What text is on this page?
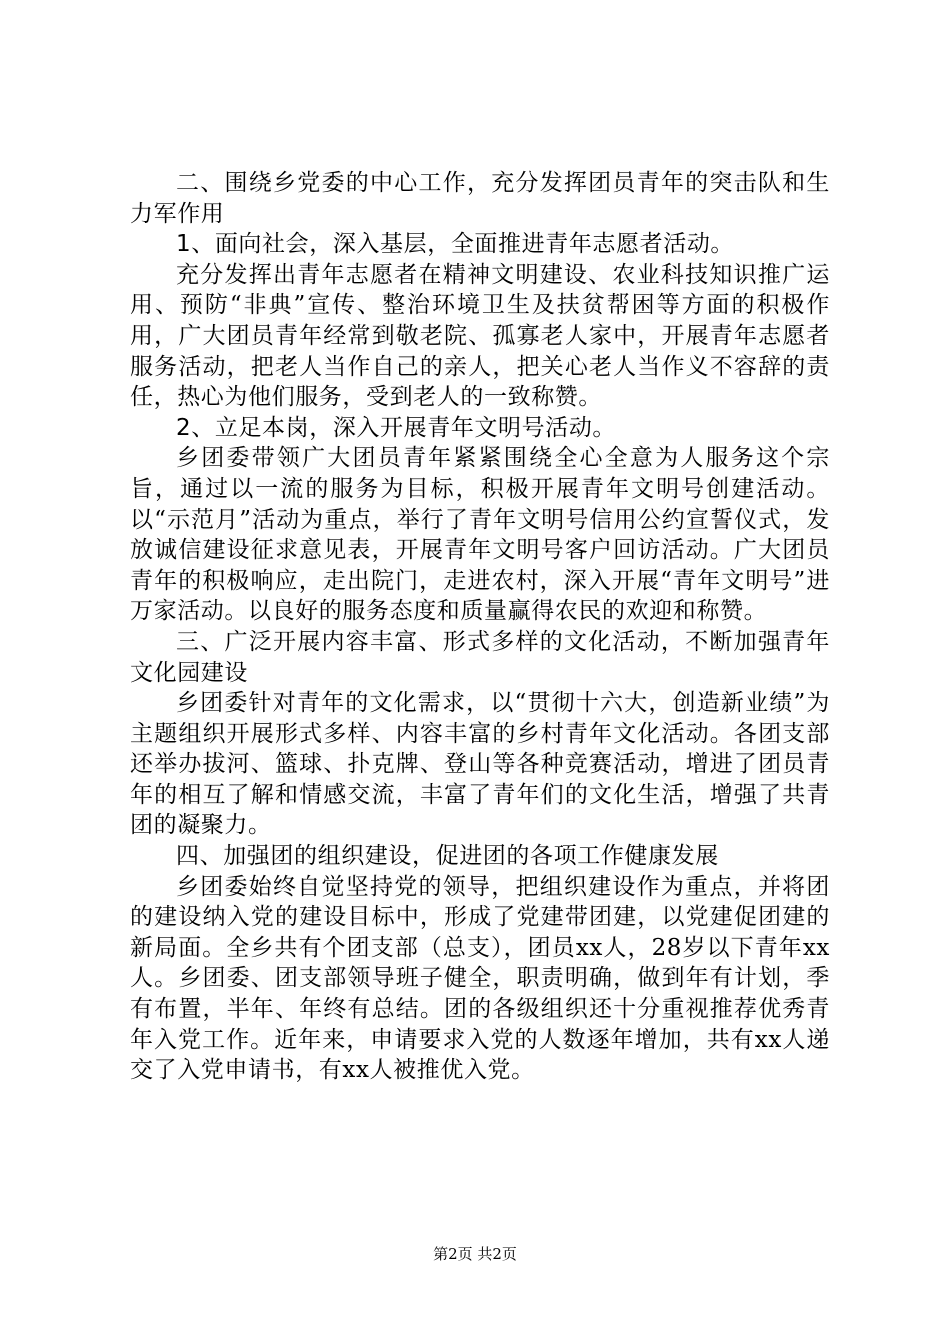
二、围绕乡党委的中心工作，充分发挥团员青年的突击队和生力军作用

1、面向社会，深入基层，全面推进青年志愿者活动。

充分发挥出青年志愿者在精神文明建设、农业科技知识推广运用、预防“非典”宣传、整治环境卫生及扶贫帮困等方面的积极作用，广大团员青年经常到敬老院、孤寡老人家中，开展青年志愿者服务活动，把老人当作自己的亲人，把关心老人当作义不容辞的责任，热心为他们服务，受到老人的一致称赞。

2、立足本岗，深入开展青年文明号活动。

乡团委带领广大团员青年紧紧围绕全心全意为人服务这个宗旨，通过以一流的服务为目标，积极开展青年文明号创建活动。以“示范月”活动为重点，举行了青年文明号信用公约宣誓仪式，发放诚信建设征求意见表，开展青年文明号客户回访活动。广大团员青年的积极响应，走出院门，走进农村，深入开展“青年文明号”进万家活动。以良好的服务态度和质量赢得农民的欢迎和称赞。

三、广泛开展内容丰富、形式多样的文化活动，不断加强青年文化园建设

乡团委针对青年的文化需求，以“贯彻十六大，创造新业绩”为主题组织开展形式多样、内容丰富的乡村青年文化活动。各团支部还举办拔河、篮球、扑克牌、登山等各种竞赛活动，增进了团员青年的相互了解和情感交流，丰富了青年们的文化生活，增强了共青团的凝聚力。

四、加强团的组织建设，促进团的各项工作健康发展

乡团委始终自觉坚持党的领导，把组织建设作为重点，并将团的建设纳入党的建设目标中，形成了党建带团建，以党建促团建的新局面。全乡共有个团支部（总支），团员xx人，28岁以下青年xx人。乡团委、团支部领导班子健全，职责明确，做到年有计划，季有布置，半年、年终有总结。团的各级组织还十分重视推荐优秀青年入党工作。近年来，申请要求入党的人数逐年增加，共有xx人递交了入党申请书，有xx人被推优入党。

第2页 共2页
